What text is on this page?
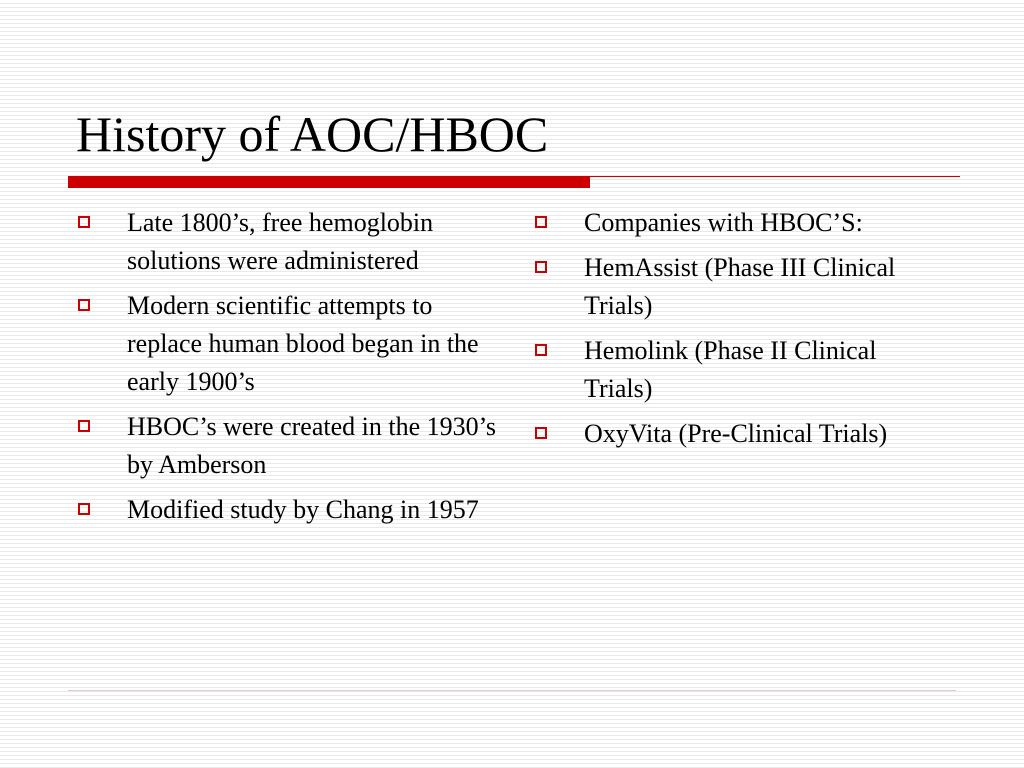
History of AOC/HBOC
Late 1800’s, free hemoglobin solutions were administered
Modern scientific attempts to replace human blood began in the early 1900’s
HBOC’s were created in the 1930’s by Amberson
Modified study by Chang in 1957
Companies with HBOC’S:
HemAssist (Phase III Clinical Trials)
Hemolink (Phase II Clinical Trials)
OxyVita (Pre-Clinical Trials)
